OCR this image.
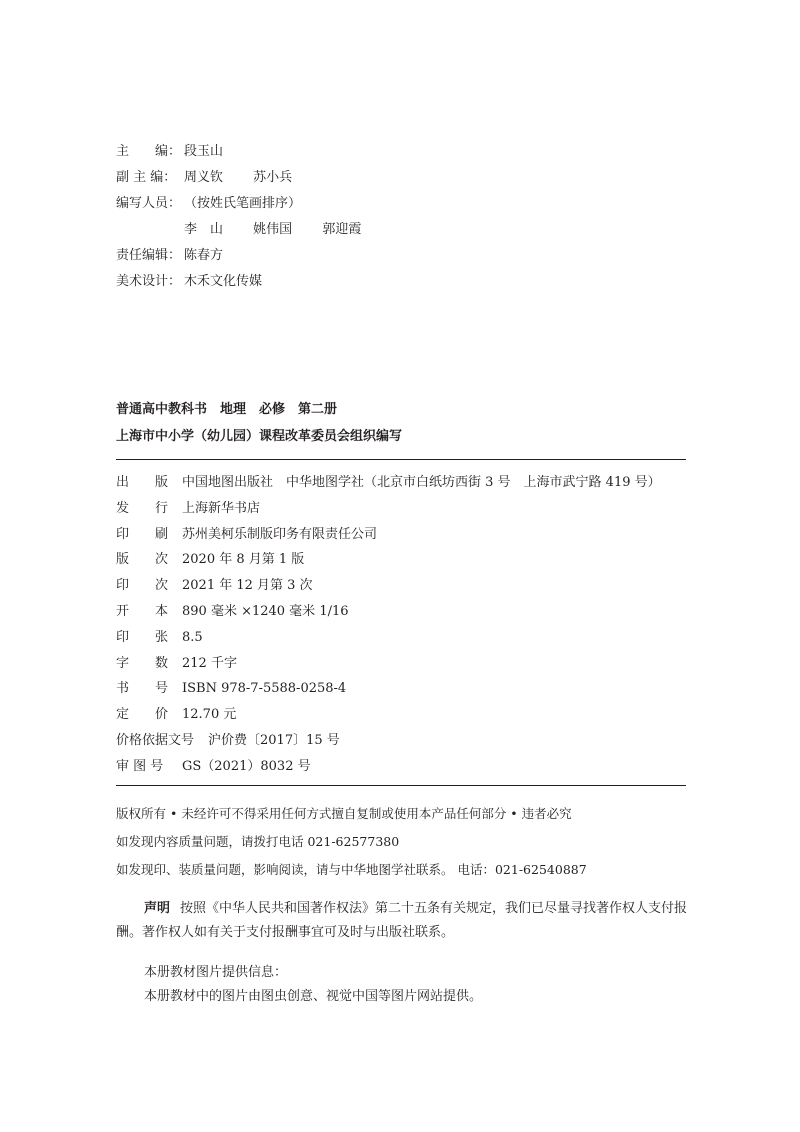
主　　编： 段玉山
副 主 编： 周义钦 苏小兵
编写人员： （按姓氏笔画排序）
李　山 姚伟国 郭迎霞
责任编辑： 陈春方
美术设计： 木禾文化传媒
普通高中教科书　地理　必修　第二册
上海市中小学（幼儿园）课程改革委员会组织编写
出　　版 中国地图出版社　中华地图学社（北京市白纸坊西街 3 号　上海市武宁路 419 号）
发　　行 上海新华书店
印　　刷 苏州美柯乐制版印务有限责任公司
版　　次 2020 年 8 月第 1 版
印　　次 2021 年 12 月第 3 次
开　　本 890 毫米 ×1240 毫米 1/16
印　　张 8.5
字　　数 212 千字
书　　号 ISBN 978-7-5588-0258-4
定　　价 12.70 元
价格依据文号 沪价费〔2017〕15 号
审 图 号 GS（2021）8032 号
版权所有 • 未经许可不得采用任何方式擅自复制或使用本产品任何部分 • 违者必究
如发现内容质量问题，请拨打电话 021-62577380
如发现印、装质量问题，影响阅读，请与中华地图学社联系。 电话：021-62540887
声明 按照《中华人民共和国著作权法》第二十五条有关规定，我们已尽量寻找著作权人支付报酬。著作权人如有关于支付报酬事宜可及时与出版社联系。
本册教材图片提供信息：
本册教材中的图片由图虫创意、视觉中国等图片网站提供。
